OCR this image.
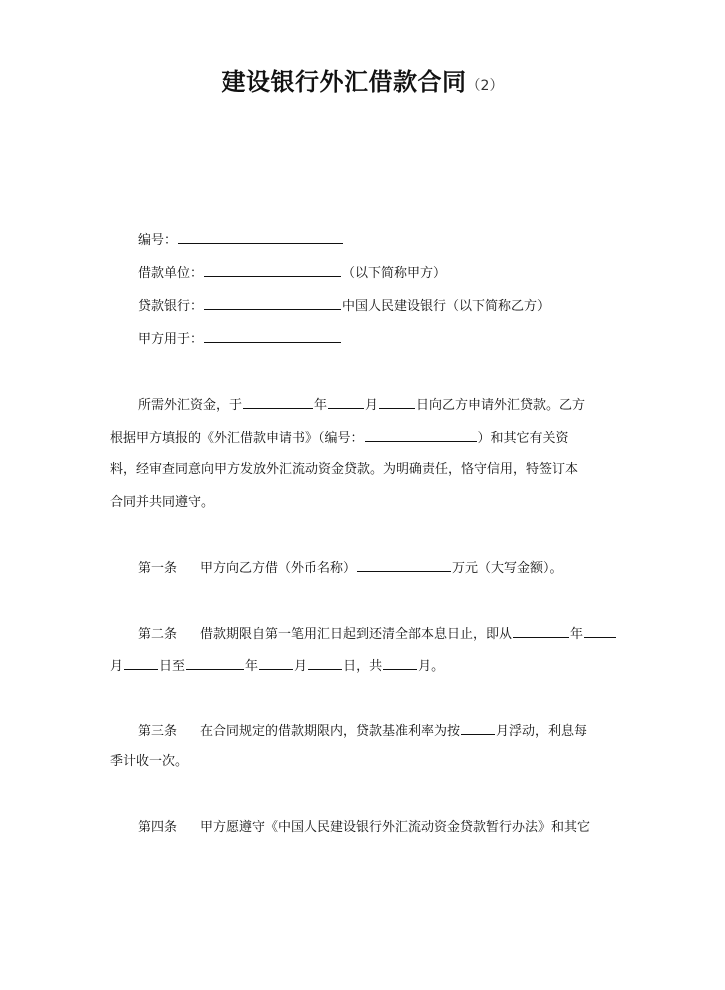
建设银行外汇借款合同（2）
编号：
借款单位：	（以下简称甲方）
贷款银行：	中国人民建设银行（以下简称乙方）
甲方用于：
所需外汇资金，于	年	月	日向乙方申请外汇贷款。乙方
根据甲方填报的《外汇借款申请书》（编号：	）和其它有关资
料，经审查同意向甲方发放外汇流动资金贷款。为明确责任，恪守信用，特签订本
合同并共同遵守。
第一条 甲方向乙方借（外币名称）	万元（大写金额）。
第二条 借款期限自第一笔用汇日起到还清全部本息日止，即从	年
月	日至	年	月	日，共	月。
第三条 在合同规定的借款期限内，贷款基准利率为按	月浮动，利息每
季计收一次。
第四条 甲方愿遵守《中国人民建设银行外汇流动资金贷款暂行办法》和其它
